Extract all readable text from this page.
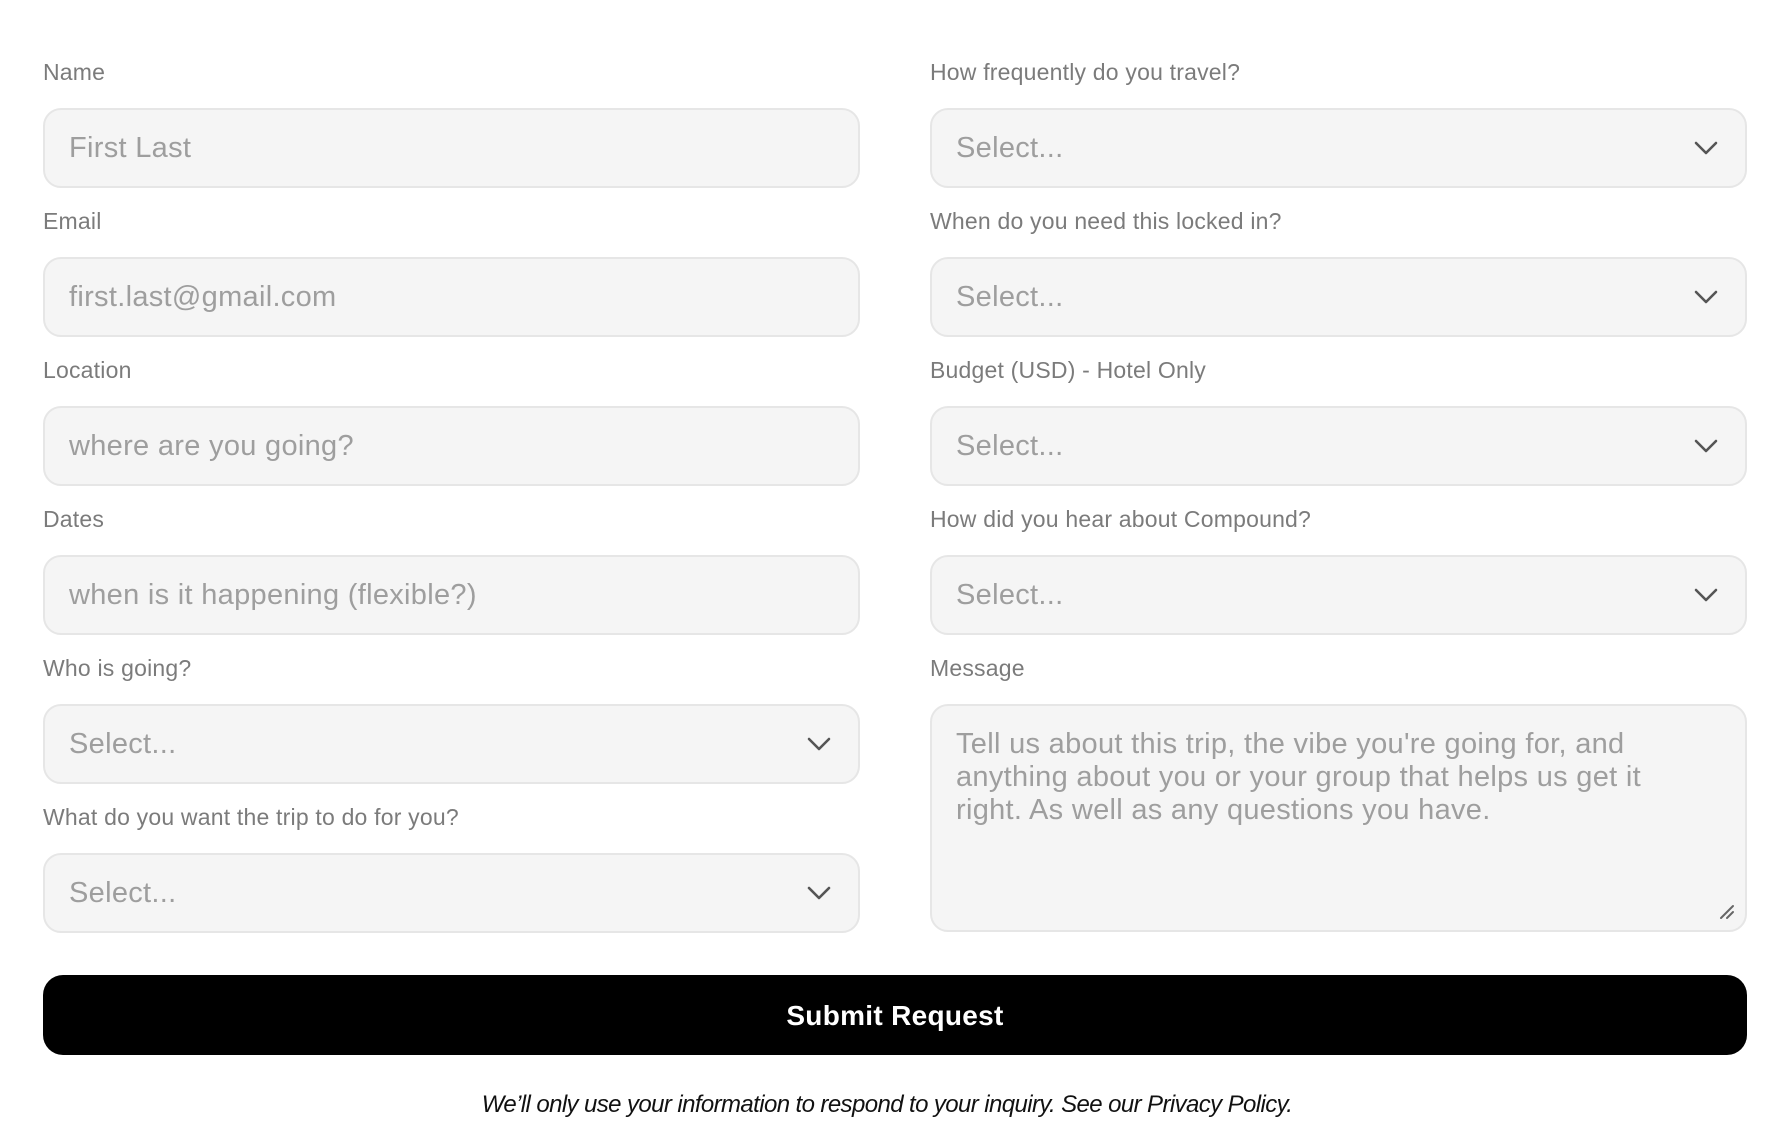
Name
First Last
Email
first.last@gmail.com
Location
where are you going?
Dates
when is it happening (flexible?)
Who is going?
Select...
What do you want the trip to do for you?
Select...
How frequently do you travel?
Select...
When do you need this locked in?
Select...
Budget (USD) - Hotel Only
Select...
How did you hear about Compound?
Select...
Message
Tell us about this trip, the vibe you're going for, and anything about you or your group that helps us get it right. As well as any questions you have.
Submit Request
We’ll only use your information to respond to your inquiry. See our Privacy Policy.
